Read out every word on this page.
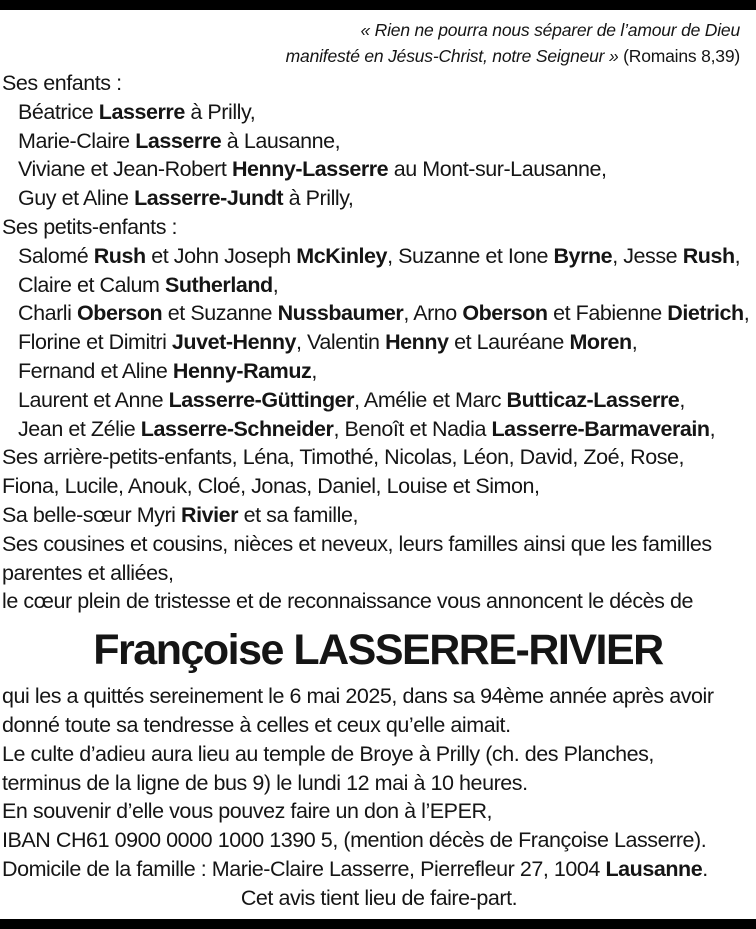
« Rien ne pourra nous séparer de l’amour de Dieu
manifesté en Jésus-Christ, notre Seigneur » (Romains 8,39)
Ses enfants :
Béatrice Lasserre à Prilly,
Marie-Claire Lasserre à Lausanne,
Viviane et Jean-Robert Henny-Lasserre au Mont-sur-Lausanne,
Guy et Aline Lasserre-Jundt à Prilly,
Ses petits-enfants :
Salomé Rush et John Joseph McKinley, Suzanne et Ione Byrne, Jesse Rush,
Claire et Calum Sutherland,
Charli Oberson et Suzanne Nussbaumer, Arno Oberson et Fabienne Dietrich,
Florine et Dimitri Juvet-Henny, Valentin Henny et Lauréane Moren,
Fernand et Aline Henny-Ramuz,
Laurent et Anne Lasserre-Güttinger, Amélie et Marc Butticaz-Lasserre,
Jean et Zélie Lasserre-Schneider, Benoît et Nadia Lasserre-Barmaverain,
Ses arrière-petits-enfants, Léna, Timothé, Nicolas, Léon, David, Zoé, Rose,
Fiona, Lucile, Anouk, Cloé, Jonas, Daniel, Louise et Simon,
Sa belle-sœur Myri Rivier et sa famille,
Ses cousines et cousins, nièces et neveux, leurs familles ainsi que les familles
parentes et alliées,
le cœur plein de tristesse et de reconnaissance vous annoncent le décès de
Françoise LASSERRE-RIVIER
qui les a quittés sereinement le 6 mai 2025, dans sa 94ème année après avoir
donné toute sa tendresse à celles et ceux qu’elle aimait.
Le culte d’adieu aura lieu au temple de Broye à Prilly (ch. des Planches,
terminus de la ligne de bus 9) le lundi 12 mai à 10 heures.
En souvenir d’elle vous pouvez faire un don à l’EPER,
IBAN CH61 0900 0000 1000 1390 5, (mention décès de Françoise Lasserre).
Domicile de la famille : Marie-Claire Lasserre, Pierrefleur 27, 1004 Lausanne.
Cet avis tient lieu de faire-part.
